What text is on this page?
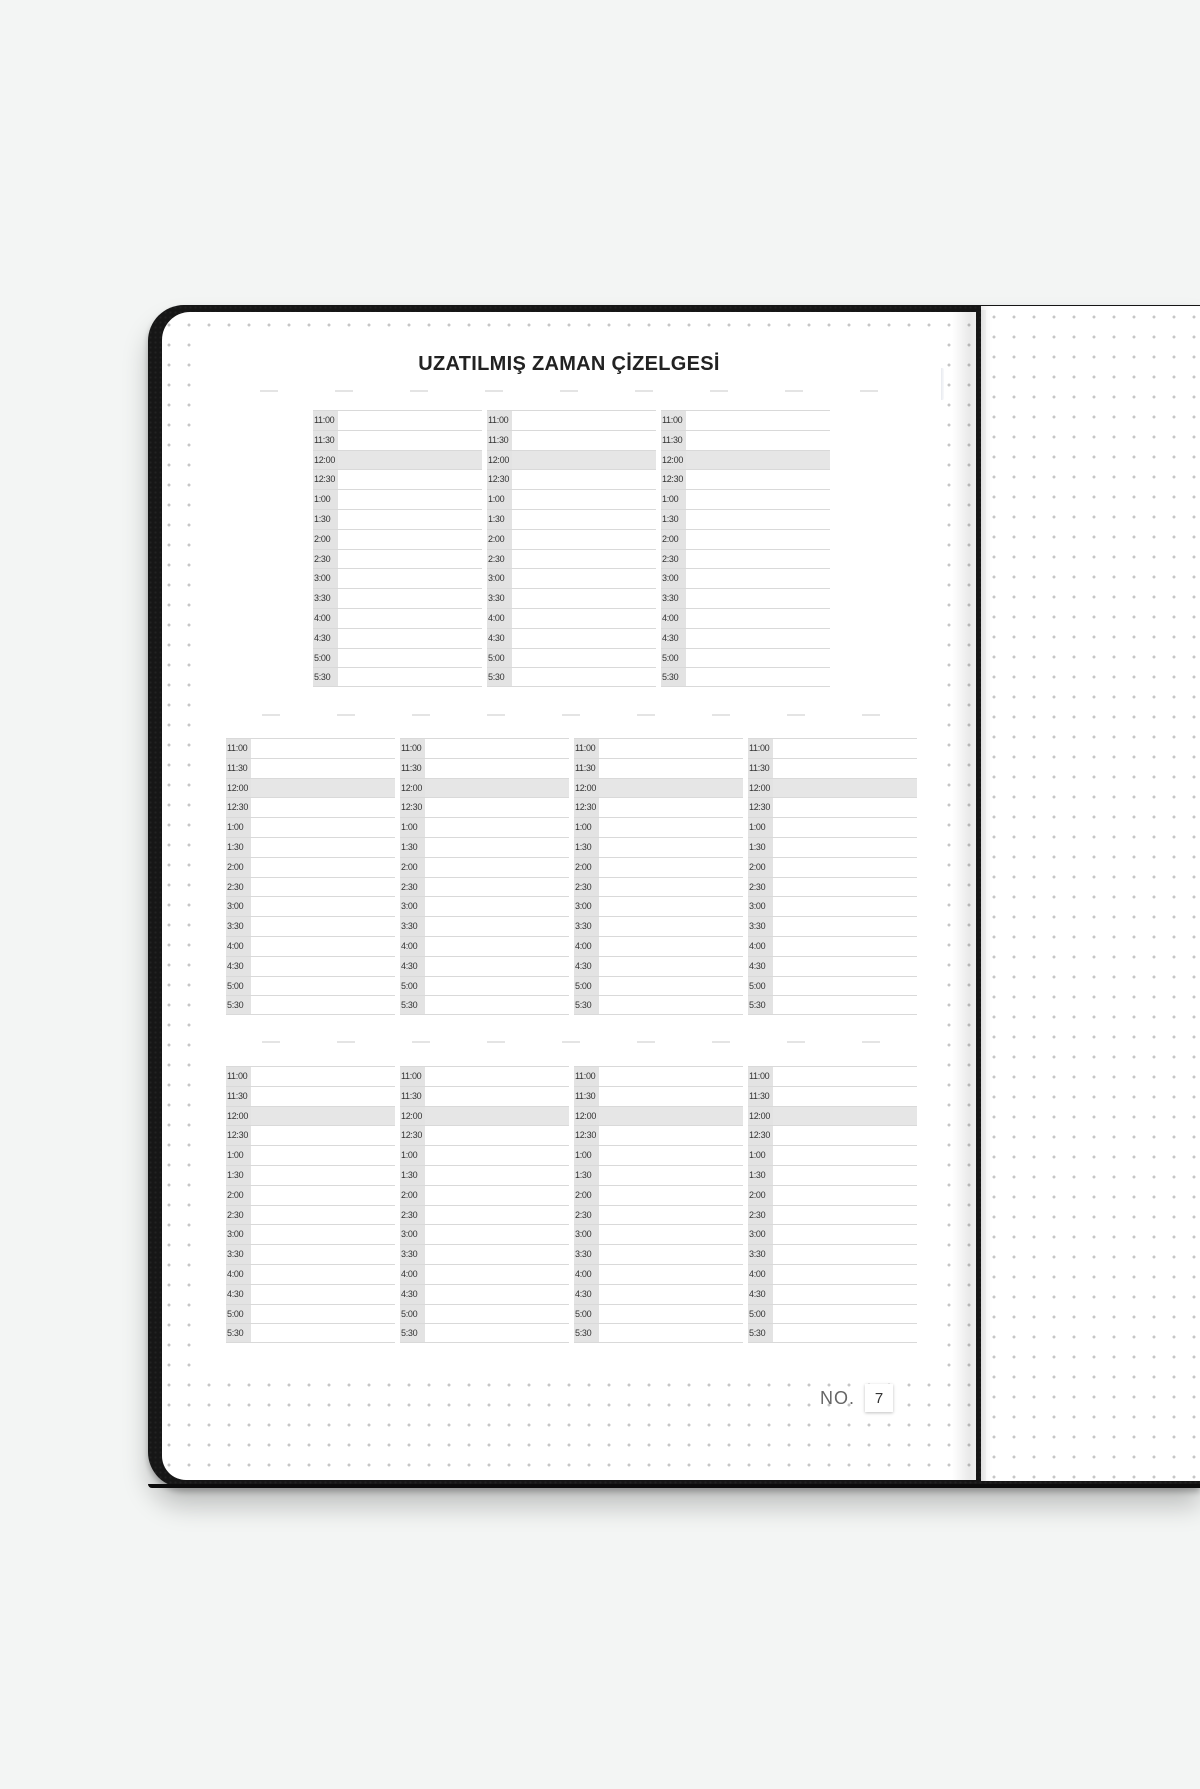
UZATILMIŞ ZAMAN ÇİZELGESİ
11:00
11:30
12:00
12:30
1:00
1:30
2:00
2:30
3:00
3:30
4:00
4:30
5:00
5:30
11:00
11:30
12:00
12:30
1:00
1:30
2:00
2:30
3:00
3:30
4:00
4:30
5:00
5:30
11:00
11:30
12:00
12:30
1:00
1:30
2:00
2:30
3:00
3:30
4:00
4:30
5:00
5:30
11:00
11:30
12:00
12:30
1:00
1:30
2:00
2:30
3:00
3:30
4:00
4:30
5:00
5:30
11:00
11:30
12:00
12:30
1:00
1:30
2:00
2:30
3:00
3:30
4:00
4:30
5:00
5:30
11:00
11:30
12:00
12:30
1:00
1:30
2:00
2:30
3:00
3:30
4:00
4:30
5:00
5:30
11:00
11:30
12:00
12:30
1:00
1:30
2:00
2:30
3:00
3:30
4:00
4:30
5:00
5:30
11:00
11:30
12:00
12:30
1:00
1:30
2:00
2:30
3:00
3:30
4:00
4:30
5:00
5:30
11:00
11:30
12:00
12:30
1:00
1:30
2:00
2:30
3:00
3:30
4:00
4:30
5:00
5:30
11:00
11:30
12:00
12:30
1:00
1:30
2:00
2:30
3:00
3:30
4:00
4:30
5:00
5:30
11:00
11:30
12:00
12:30
1:00
1:30
2:00
2:30
3:00
3:30
4:00
4:30
5:00
5:30
NO.	7
